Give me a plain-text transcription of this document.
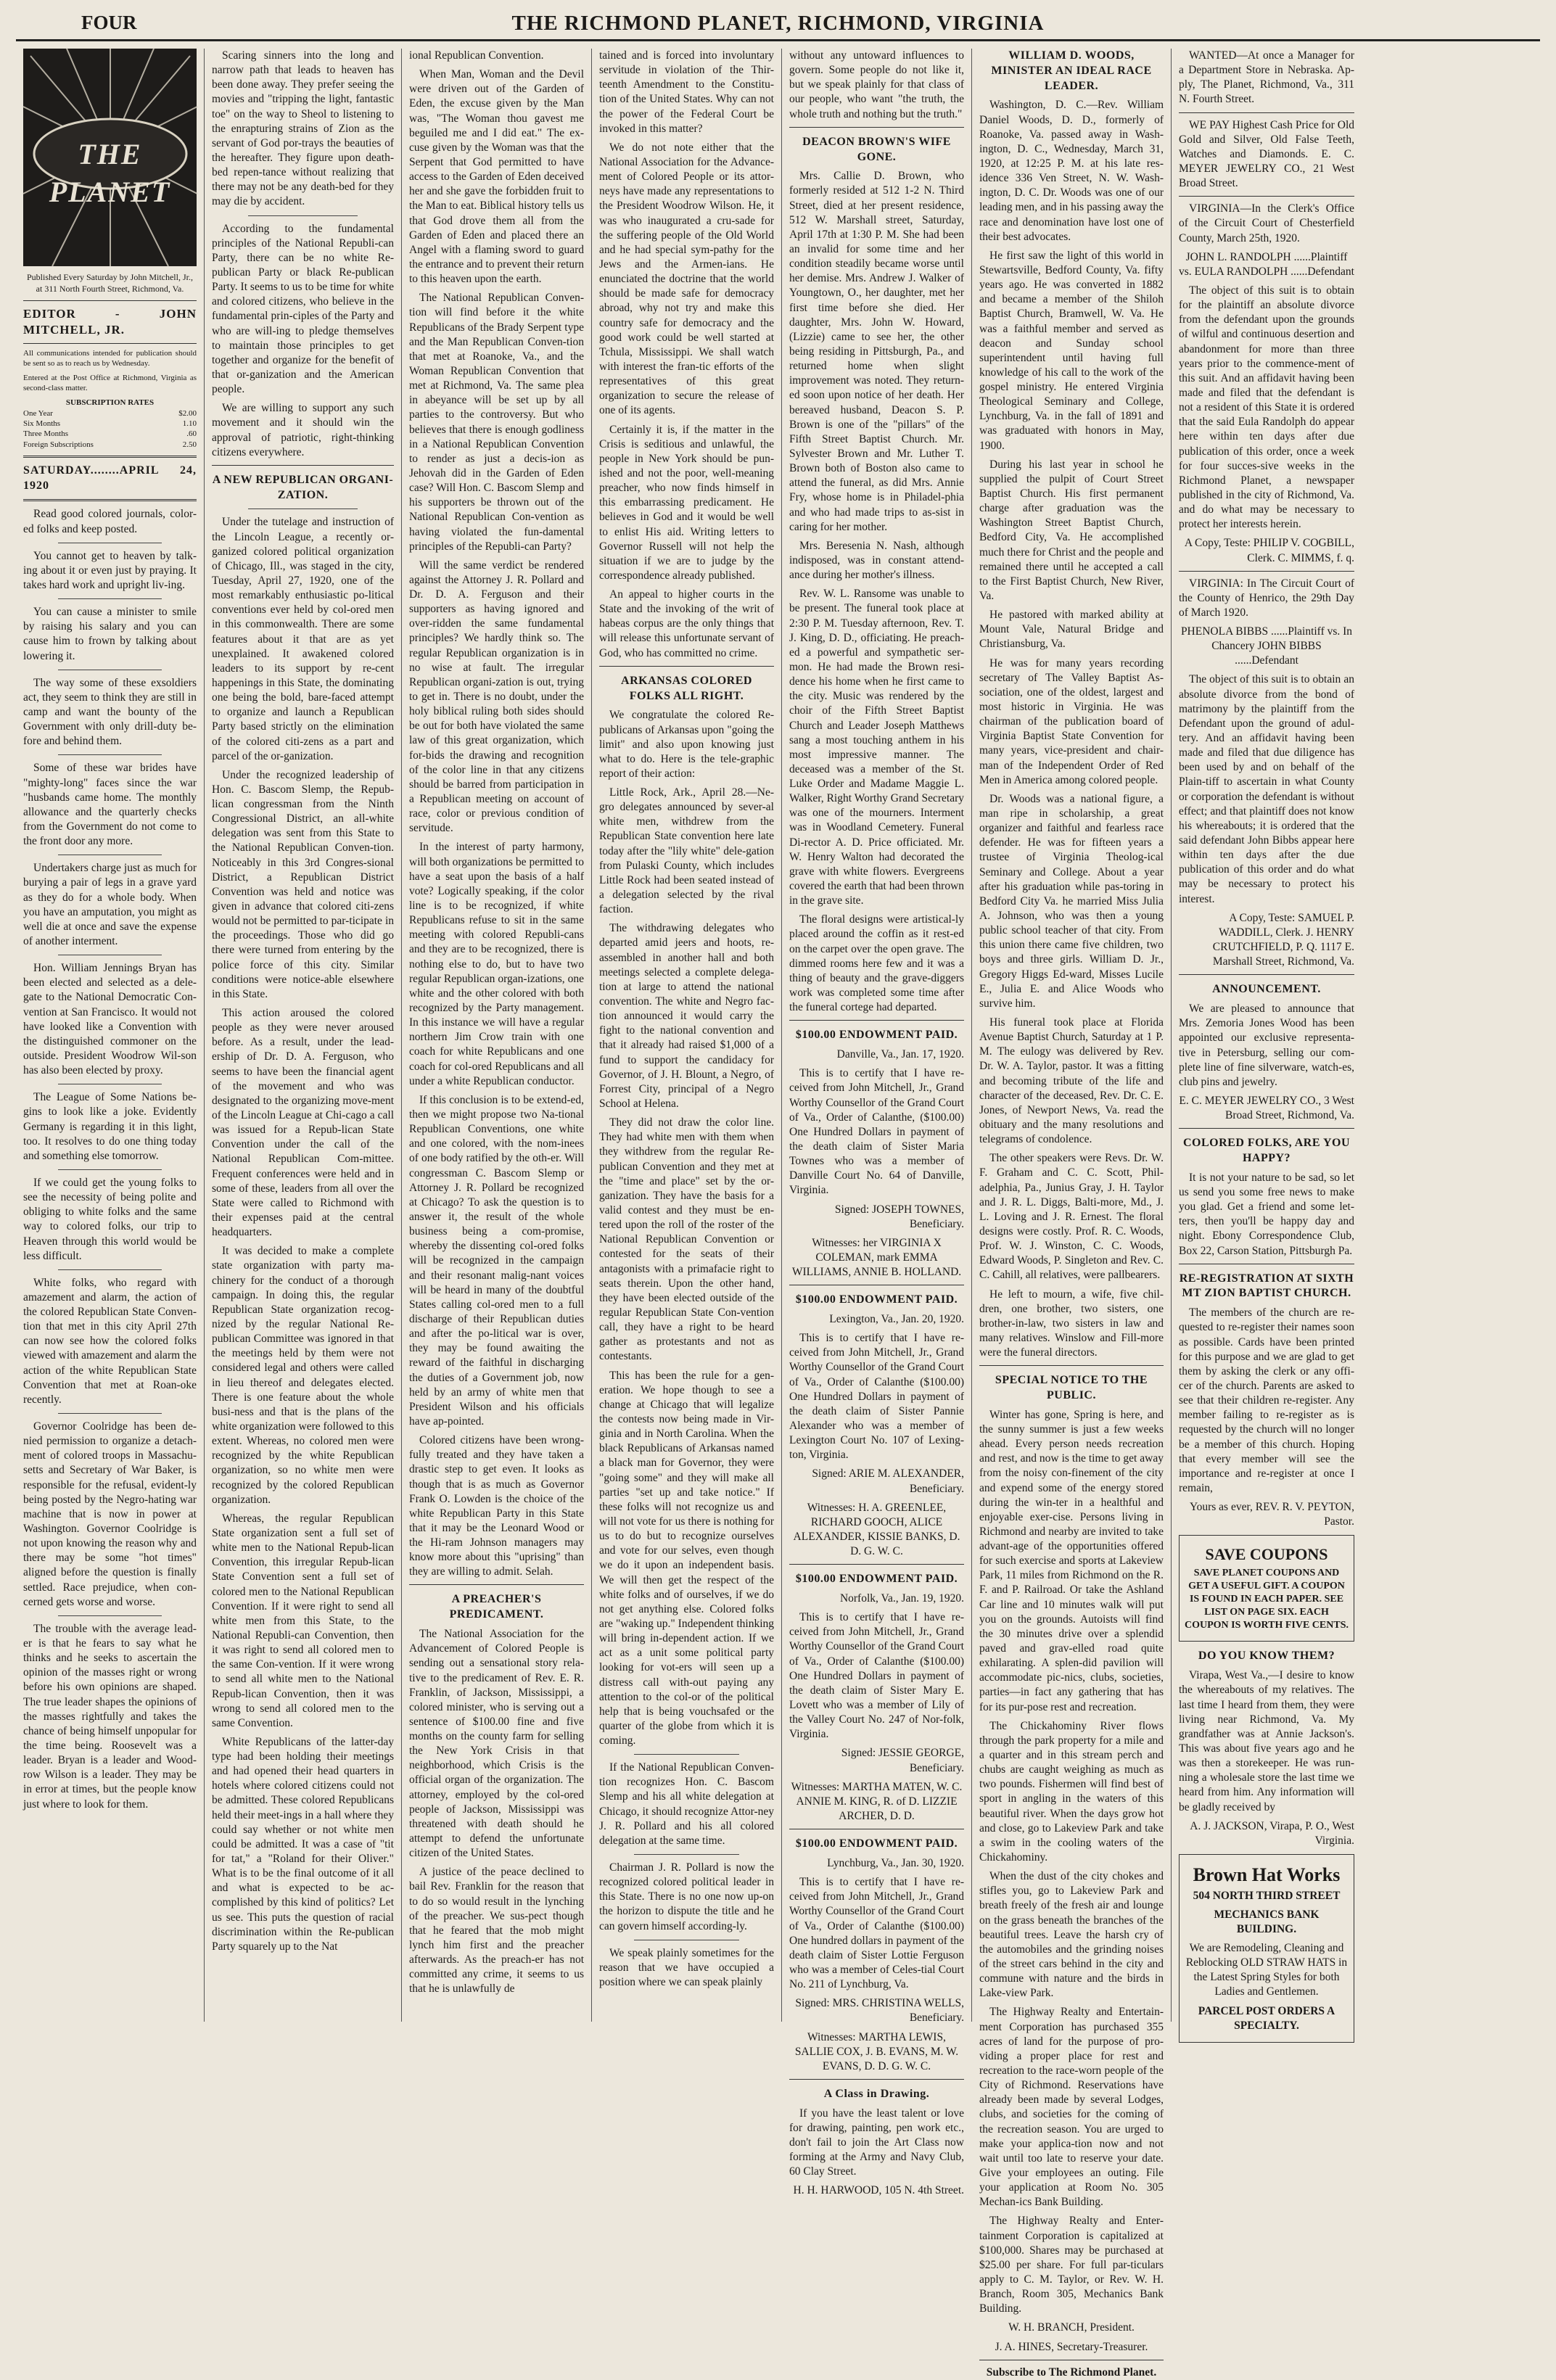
FOUR	THE RICHMOND PLANET, RICHMOND, VIRGINIA
THE PLANET
Published Every Saturday by John Mitchell, Jr., at 311 North Fourth Street, Richmond, Va.
EDITOR - JOHN MITCHELL, JR.

All communications intended for publication should be sent so as to reach us by Wednesday.

Entered at the Post Office at Richmond, Virginia as second-class matter.

SUBSCRIPTION RATES
One Year	$2.00
Six Months	1.10
Three Months	.60
Foreign Subscriptions	2.50
SATURDAY........APRIL 24, 1920

Read good colored journals, color-ed folks and keep posted.

You cannot get to heaven by talk-ing about it or even just by praying. It takes hard work and upright liv-ing.

You can cause a minister to smile by raising his salary and you can cause him to frown by talking about lowering it.

The way some of these exsoldiers act, they seem to think they are still in camp and want the bounty of the Government with only drill-duty be-fore and behind them.

Some of these war brides have "mighty-long" faces since the war "husbands came home. The monthly allowance and the quarterly checks from the Government do not come to the front door any more.

Undertakers charge just as much for burying a pair of legs in a grave yard as they do for a whole body. When you have an amputation, you might as well die at once and save the expense of another interment.

Hon. William Jennings Bryan has been elected and selected as a dele-gate to the National Democratic Con-vention at San Francisco. It would not have looked like a Convention with the distinguished commoner on the outside. President Woodrow Wil-son has also been elected by proxy.

The League of Some Nations be-gins to look like a joke. Evidently Germany is regarding it in this light, too. It resolves to do one thing today and something else tomorrow.

If we could get the young folks to see the necessity of being polite and obliging to white folks and the same way to colored folks, our trip to Heaven through this world would be less difficult.

White folks, who regard with amazement and alarm, the action of the colored Republican State Conven-tion that met in this city April 27th can now see how the colored folks viewed with amazement and alarm the action of the white Republican State Convention that met at Roan-oke recently.

Governor Coolridge has been de-nied permission to organize a detach-ment of colored troops in Massachu-setts and Secretary of War Baker, is responsible for the refusal, evident-ly being posted by the Negro-hating war machine that is now in power at Washington. Governor Coolridge is not upon knowing the reason why and there may be some "hot times" aligned before the question is finally settled. Race prejudice, when con-cerned gets worse and worse.

The trouble with the average lead-er is that he fears to say what he thinks and he seeks to ascertain the opinion of the masses right or wrong before his own opinions are shaped. The true leader shapes the opinions of the masses rightfully and takes the chance of being himself unpopular for the time being. Roosevelt was a leader. Bryan is a leader and Wood-row Wilson is a leader. They may be in error at times, but the people know just where to look for them.

Scaring sinners into the long and narrow path that leads to heaven has been done away. They prefer seeing the movies and "tripping the light, fantastic toe" on the way to Sheol to listening to the enrapturing strains of Zion as the servant of God por-trays the beauties of the hereafter. They figure upon death-bed repen-tance without realizing that there may not be any death-bed for they may die by accident.

According to the fundamental principles of the National Republi-can Party, there can be no white Re-publican Party or black Re-publican Party. It seems to us to be time for white and colored citizens, who believe in the fundamental prin-ciples of the Party and who are will-ing to pledge themselves to maintain those principles to get together and organize for the benefit of that or-ganization and the American people.

We are willing to support any such movement and it should win the approval of patriotic, right-thinking citizens everywhere.

A NEW REPUBLICAN ORGANI-ZATION.

Under the tutelage and instruction of the Lincoln League, a recently or-ganized colored political organization of Chicago, Ill., was staged in the city, Tuesday, April 27, 1920, one of the most remarkably enthusiastic po-litical conventions ever held by col-ored men in this commonwealth. There are some features about it that are as yet unexplained. It awakened colored leaders to its support by re-cent happenings in this State, the dominating one being the bold, bare-faced attempt to organize and launch a Republican Party based strictly on the elimination of the colored citi-zens as a part and parcel of the or-ganization.

Under the recognized leadership of Hon. C. Bascom Slemp, the Repub-lican congressman from the Ninth Congressional District, an all-white delegation was sent from this State to the National Republican Conven-tion. Noticeably in this 3rd Congres-sional District, a Republican District Convention was held and notice was given in advance that colored citi-zens would not be permitted to par-ticipate in the proceedings. Those who did go there were turned from entering by the police force of this city. Similar conditions were notice-able elsewhere in this State.

This action aroused the colored people as they were never aroused before. As a result, under the lead-ership of Dr. D. A. Ferguson, who seems to have been the financial agent of the movement and who was designated to the organizing move-ment of the Lincoln League at Chi-cago a call was issued for a Repub-lican State Convention under the call of the National Republican Com-mittee. Frequent conferences were held and in some of these, leaders from all over the State were called to Richmond with their expenses paid at the central headquarters.

It was decided to make a complete state organization with party ma-chinery for the conduct of a thorough campaign. In doing this, the regular Republican State organization recog-nized by the regular National Re-publican Committee was ignored in that the meetings held by them were not considered legal and others were called in lieu thereof and delegates elected. There is one feature about the whole busi-ness and that is the plans of the white organization were followed to this extent. Whereas, no colored men were recognized by the white Republican organization, so no white men were recognized by the colored Republican organization.

Whereas, the regular Republican State organization sent a full set of white men to the National Repub-lican Convention, this irregular Repub-lican State Convention sent a full set of colored men to the National Republican Convention. If it were right to send all white men from this State, to the National Republi-can Convention, then it was right to send all colored men to the same Con-vention. If it were wrong to send all white men to the National Repub-lican Convention, then it was wrong to send all colored men to the same Convention.

White Republicans of the latter-day type had been holding their meetings and had opened their head quarters in hotels where colored citizens could not be admitted. These colored Republicans held their meet-ings in a hall where they could say whether or not white men could be admitted. It was a case of "tit for tat," a "Roland for their Oliver." What is to be the final outcome of it all and what is expected to be ac-complished by this kind of politics? Let us see. This puts the question of racial discrimination within the Re-publican Party squarely up to the Nat

ional Republican Convention.

When Man, Woman and the Devil were driven out of the Garden of Eden, the excuse given by the Man was, "The Woman thou gavest me beguiled me and I did eat." The ex-cuse given by the Woman was that the Serpent that God permitted to have access to the Garden of Eden deceived her and she gave the forbidden fruit to the Man to eat. Biblical history tells us that God drove them all from the Garden of Eden and placed there an Angel with a flaming sword to guard the entrance and to prevent their return to this heaven upon the earth.

The National Republican Conven-tion will find before it the white Republicans of the Brady Serpent type and the Man Republican Conven-tion that met at Roanoke, Va., and the Woman Republican Convention that met at Richmond, Va. The same plea in abeyance will be set up by all parties to the controversy. But who believes that there is enough godliness in a National Republican Convention to render as just a decis-ion as Jehovah did in the Garden of Eden case? Will Hon. C. Bascom Slemp and his supporters be thrown out of the National Republican Con-vention as having violated the fun-damental principles of the Republi-can Party?

Will the same verdict be rendered against the Attorney J. R. Pollard and Dr. D. A. Ferguson and their supporters as having ignored and over-ridden the same fundamental principles? We hardly think so. The regular Republican organization is in no wise at fault. The irregular Republican organi-zation is out, trying to get in. There is no doubt, under the holy biblical ruling both sides should be out for both have violated the same law of this great organization, which for-bids the drawing and recognition of the color line in that any citizens should be barred from participation in a Republican meeting on account of race, color or previous condition of servitude.

In the interest of party harmony, will both organizations be permitted to have a seat upon the basis of a half vote? Logically speaking, if the color line is to be recognized, if white Republicans refuse to sit in the same meeting with colored Republi-cans and they are to be recognized, there is nothing else to do, but to have two regular Republican organ-izations, one white and the other colored with both recognized by the Party management. In this instance we will have a regular northern Jim Crow train with one coach for white Republicans and one coach for col-ored Republicans and all under a white Republican conductor.

If this conclusion is to be extend-ed, then we might propose two Na-tional Republican Conventions, one white and one colored, with the nom-inees of one body ratified by the oth-er. Will congressman C. Bascom Slemp or Attorney J. R. Pollard be recognized at Chicago? To ask the question is to answer it, the result of the whole business being a com-promise, whereby the dissenting col-ored folks will be recognized in the campaign and their resonant malig-nant voices will be heard in many of the doubtful States calling col-ored men to a full discharge of their Republican duties and after the po-litical war is over, they may be found awaiting the reward of the faithful in discharging the duties of a Government job, now held by an army of white men that President Wilson and his officials have ap-pointed.

Colored citizens have been wrong-fully treated and they have taken a drastic step to get even. It looks as though that is as much as Governor Frank O. Lowden is the choice of the white Republican Party in this State that it may be the Leonard Wood or the Hi-ram Johnson managers may know more about this "uprising" than they are willing to admit. Selah.

A PREACHER'S PREDICAMENT.

The National Association for the Advancement of Colored People is sending out a sensational story rela-tive to the predicament of Rev. E. R. Franklin, of Jackson, Mississippi, a colored minister, who is serving out a sentence of $100.00 fine and five months on the county farm for selling the New York Crisis in that neighborhood, which Crisis is the official organ of the organization. The attorney, employed by the col-ored people of Jackson, Mississippi was threatened with death should he attempt to defend the unfortunate citizen of the United States.

A justice of the peace declined to bail Rev. Franklin for the reason that to do so would result in the lynching of the preacher. We sus-pect though that he feared that the mob might lynch him first and the preacher afterwards. As the preach-er has not committed any crime, it seems to us that he is unlawfully de

tained and is forced into involuntary servitude in violation of the Thir-teenth Amendment to the Constitu-tion of the United States. Why can not the power of the Federal Court be invoked in this matter?

We do not note either that the National Association for the Advance-ment of Colored People or its attor-neys have made any representations to the President Woodrow Wilson. He, it was who inaugurated a cru-sade for the suffering people of the Old World and he had special sym-pathy for the Jews and the Armen-ians. He enunciated the doctrine that the world should be made safe for democracy abroad, why not try and make this country safe for democracy and the good work could be well started at Tchula, Mississippi. We shall watch with interest the fran-tic efforts of the representatives of this great organization to secure the release of one of its agents.

Certainly it is, if the matter in the Crisis is seditious and unlawful, the people in New York should be pun-ished and not the poor, well-meaning preacher, who now finds himself in this embarrassing predicament. He believes in God and it would be well to enlist His aid. Writing letters to Governor Russell will not help the situation if we are to judge by the correspondence already published.

An appeal to higher courts in the State and the invoking of the writ of habeas corpus are the only things that will release this unfortunate servant of God, who has committed no crime.

ARKANSAS COLORED FOLKS ALL RIGHT.

We congratulate the colored Re-publicans of Arkansas upon "going the limit" and also upon knowing just what to do. Here is the tele-graphic report of their action:

Little Rock, Ark., April 28.—Ne-gro delegates announced by sever-al white men, withdrew from the Republican State convention here late today after the "lily white" dele-gation from Pulaski County, which includes Little Rock had been seated instead of a delegation selected by the rival faction.

The withdrawing delegates who departed amid jeers and hoots, re-assembled in another hall and both meetings selected a complete delega-tion at large to attend the national convention. The white and Negro fac-tion announced it would carry the fight to the national convention and that it already had raised $1,000 of a fund to support the candidacy for Governor, of J. H. Blount, a Negro, of Forrest City, principal of a Negro School at Helena.

They did not draw the color line. They had white men with them when they withdrew from the regular Re-publican Convention and they met at the "time and place" set by the or-ganization. They have the basis for a valid contest and they must be en-tered upon the roll of the roster of the National Republican Convention or contested for the seats of their antagonists with a primafacie right to seats therein. Upon the other hand, they have been elected outside of the regular Republican State Con-vention call, they have a right to be heard gather as protestants and not as contestants.

This has been the rule for a gen-eration. We hope though to see a change at Chicago that will legalize the contests now being made in Vir-ginia and in North Carolina. When the black Republicans of Arkansas named a black man for Governor, they were "going some" and they will make all parties "set up and take notice." If these folks will not recognize us and will not vote for us there is nothing for us to do but to recognize ourselves and vote for our selves, even though we do it upon an independent basis. We will then get the respect of the white folks and of ourselves, if we do not get anything else. Colored folks are "waking up." Independent thinking will bring in-dependent action. If we act as a unit some political party looking for vot-ers will seen up a distress call with-out paying any attention to the col-or of the political help that is being vouchsafed or the quarter of the globe from which it is coming.

If the National Republican Conven-tion recognizes Hon. C. Bascom Slemp and his all white delegation at Chicago, it should recognize Attor-ney J. R. Pollard and his all colored delegation at the same time.

Chairman J. R. Pollard is now the recognized colored political leader in this State. There is no one now up-on the horizon to dispute the title and he can govern himself according-ly.

We speak plainly sometimes for the reason that we have occupied a position where we can speak plainly

without any untoward influences to govern. Some people do not like it, but we speak plainly for that class of our people, who want "the truth, the whole truth and nothing but the truth."

DEACON BROWN'S WIFE GONE.

Mrs. Callie D. Brown, who formerly resided at 512 1-2 N. Third Street, died at her present residence, 512 W. Marshall street, Saturday, April 17th at 1:30 P. M. She had been an invalid for some time and her condition steadily became worse until her demise. Mrs. Andrew J. Walker of Youngtown, O., her daughter, met her first time before she died. Her daughter, Mrs. John W. Howard, (Lizzie) came to see her, the other being residing in Pittsburgh, Pa., and returned home when slight improvement was noted. They return-ed soon upon notice of her death. Her bereaved husband, Deacon S. P. Brown is one of the "pillars" of the Fifth Street Baptist Church. Mr. Sylvester Brown and Mr. Luther T. Brown both of Boston also came to attend the funeral, as did Mrs. Annie Fry, whose home is in Philadel-phia and who had made trips to as-sist in caring for her mother.

Mrs. Beresenia N. Nash, although indisposed, was in constant attend-ance during her mother's illness.

Rev. W. L. Ransome was unable to be present. The funeral took place at 2:30 P. M. Tuesday afternoon, Rev. T. J. King, D. D., officiating. He preach-ed a powerful and sympathetic ser-mon. He had made the Brown resi-dence his home when he first came to the city. Music was rendered by the choir of the Fifth Street Baptist Church and Leader Joseph Matthews sang a most touching anthem in his most impressive manner. The deceased was a member of the St. Luke Order and Madame Maggie L. Walker, Right Worthy Grand Secretary was one of the mourners. Interment was in Woodland Cemetery. Funeral Di-rector A. D. Price officiated. Mr. W. Henry Walton had decorated the grave with white flowers. Evergreens covered the earth that had been thrown in the grave site.

The floral designs were artistical-ly placed around the coffin as it rest-ed on the carpet over the open grave. The dimmed rooms here few and it was a thing of beauty and the grave-diggers work was completed some time after the funeral cortege had departed.

$100.00 ENDOWMENT PAID.

Danville, Va., Jan. 17, 1920.

This is to certify that I have re-ceived from John Mitchell, Jr., Grand Worthy Counsellor of the Grand Court of Va., Order of Calanthe, ($100.00) One Hundred Dollars in payment of the death claim of Sister Maria Townes who was a member of Danville Court No. 64 of Danville, Virginia.

Signed: JOSEPH TOWNES, Beneficiary.

Witnesses: her VIRGINIA X COLEMAN, mark EMMA WILLIAMS, ANNIE B. HOLLAND.

$100.00 ENDOWMENT PAID.

Lexington, Va., Jan. 20, 1920.

This is to certify that I have re-ceived from John Mitchell, Jr., Grand Worthy Counsellor of the Grand Court of Va., Order of Calanthe ($100.00) One Hundred Dollars in payment of the death claim of Sister Pannie Alexander who was a member of Lexington Court No. 107 of Lexing-ton, Virginia.

Signed: ARIE M. ALEXANDER, Beneficiary.

Witnesses: H. A. GREENLEE, RICHARD GOOCH, ALICE ALEXANDER, KISSIE BANKS, D. D. G. W. C.

$100.00 ENDOWMENT PAID.

Norfolk, Va., Jan. 19, 1920.

This is to certify that I have re-ceived from John Mitchell, Jr., Grand Worthy Counsellor of the Grand Court of Va., Order of Calanthe ($100.00) One Hundred Dollars in payment of the death claim of Sister Mary E. Lovett who was a member of Lily of the Valley Court No. 247 of Nor-folk, Virginia.

Signed: JESSIE GEORGE, Beneficiary.

Witnesses: MARTHA MATEN, W. C. ANNIE M. KING, R. of D. LIZZIE ARCHER, D. D.

$100.00 ENDOWMENT PAID.

Lynchburg, Va., Jan. 30, 1920.

This is to certify that I have re-ceived from John Mitchell, Jr., Grand Worthy Counsellor of the Grand Court of Va., Order of Calanthe ($100.00) One hundred dollars in payment of the death claim of Sister Lottie Ferguson who was a member of Celes-tial Court No. 211 of Lynchburg, Va.

Signed: MRS. CHRISTINA WELLS, Beneficiary.

Witnesses: MARTHA LEWIS, SALLIE COX, J. B. EVANS, M. W. EVANS, D. D. G. W. C.

A Class in Drawing.

If you have the least talent or love for drawing, painting, pen work etc., don't fail to join the Art Class now forming at the Army and Navy Club, 60 Clay Street.

H. H. HARWOOD, 105 N. 4th Street.

WILLIAM D. WOODS, MINISTER AN IDEAL RACE LEADER.

Washington, D. C.—Rev. William Daniel Woods, D. D., formerly of Roanoke, Va. passed away in Wash-ington, D. C., Wednesday, March 31, 1920, at 12:25 P. M. at his late res-idence 336 Ven Street, N. W. Wash-ington, D. C. Dr. Woods was one of our leading men, and in his passing away the race and denomination have lost one of their best advocates.

He first saw the light of this world in Stewartsville, Bedford County, Va. fifty years ago. He was converted in 1882 and became a member of the Shiloh Baptist Church, Bramwell, W. Va. He was a faithful member and served as deacon and Sunday school superintendent until having full knowledge of his call to the work of the gospel ministry. He entered Virginia Theological Seminary and College, Lynchburg, Va. in the fall of 1891 and was graduated with honors in May, 1900.

During his last year in school he supplied the pulpit of Court Street Baptist Church. His first permanent charge after graduation was the Washington Street Baptist Church, Bedford City, Va. He accomplished much there for Christ and the people and remained there until he accepted a call to the First Baptist Church, New River, Va.

He pastored with marked ability at Mount Vale, Natural Bridge and Christiansburg, Va.

He was for many years recording secretary of The Valley Baptist As-sociation, one of the oldest, largest and most historic in Virginia. He was chairman of the publication board of Virginia Baptist State Convention for many years, vice-president and chair-man of the Independent Order of Red Men in America among colored people.

Dr. Woods was a national figure, a man ripe in scholarship, a great organizer and faithful and fearless race defender. He was for fifteen years a trustee of Virginia Theolog-ical Seminary and College. About a year after his graduation while pas-toring in Bedford City Va. he married Miss Julia A. Johnson, who was then a young public school teacher of that city. From this union there came five children, two boys and three girls. William D. Jr., Gregory Higgs Ed-ward, Misses Lucile E., Julia E. and Alice Woods who survive him.

His funeral took place at Florida Avenue Baptist Church, Saturday at 1 P. M. The eulogy was delivered by Rev. Dr. W. A. Taylor, pastor. It was a fitting and becoming tribute of the life and character of the deceased, Rev. Dr. C. E. Jones, of Newport News, Va. read the obituary and the many resolutions and telegrams of condolence.

The other speakers were Revs. Dr. W. F. Graham and C. C. Scott, Phil-adelphia, Pa., Junius Gray, J. H. Taylor and J. R. L. Diggs, Balti-more, Md., J. L. Loving and J. R. Ernest. The floral designs were costly. Prof. R. C. Woods, Prof. W. J. Winston, C. C. Woods, Edward Woods, P. Singleton and Rev. C. C. Cahill, all relatives, were pallbearers.

He left to mourn, a wife, five chil-dren, one brother, two sisters, one brother-in-law, two sisters in law and many relatives. Winslow and Fill-more were the funeral directors.

SPECIAL NOTICE TO THE PUBLIC.

Winter has gone, Spring is here, and the sunny summer is just a few weeks ahead. Every person needs recreation and rest, and now is the time to get away from the noisy con-finement of the city and expend some of the energy stored during the win-ter in a healthful and enjoyable exer-cise. Persons living in Richmond and nearby are invited to take advant-age of the opportunities offered for such exercise and sports at Lakeview Park, 11 miles from Richmond on the R. F. and P. Railroad. Or take the Ashland Car line and 10 minutes walk will put you on the grounds. Autoists will find the 30 minutes drive over a splendid paved and grav-elled road quite exhilarating. A splen-did pavilion will accommodate pic-nics, clubs, societies, parties—in fact any gathering that has for its pur-pose rest and recreation.

The Chickahominy River flows through the park property for a mile and a quarter and in this stream perch and chubs are caught weighing as much as two pounds. Fishermen will find best of sport in angling in the waters of this beautiful river. When the days grow hot and close, go to Lakeview Park and take a swim in the cooling waters of the Chickahominy.

When the dust of the city chokes and stifles you, go to Lakeview Park and breath freely of the fresh air and lounge on the grass beneath the branches of the beautiful trees. Leave the harsh cry of the automobiles and the grinding noises of the street cars behind in the city and commune with nature and the birds in Lake-view Park.

The Highway Realty and Entertain-ment Corporation has purchased 355 acres of land for the purpose of pro-viding a proper place for rest and recreation to the race-worn people of the City of Richmond. Reservations have already been made by several Lodges, clubs, and societies for the coming of the recreation season. You are urged to make your applica-tion now and not wait until too late to reserve your date. Give your employees an outing. File your application at Room No. 305 Mechan-ics Bank Building.

The Highway Realty and Enter-tainment Corporation is capitalized at $100,000. Shares may be purchased at $25.00 per share. For full par-ticulars apply to C. M. Taylor, or Rev. W. H. Branch, Room 305, Mechanics Bank Building.

W. H. BRANCH, President.

J. A. HINES, Secretary-Treasurer.

Subscribe to The Richmond Planet.

WANTED—At once a Manager for a Department Store in Nebraska. Ap-ply, The Planet, Richmond, Va., 311 N. Fourth Street.

WE PAY Highest Cash Price for Old Gold and Silver, Old False Teeth, Watches and Diamonds. E. C. MEYER JEWELRY CO., 21 West Broad Street.

VIRGINIA—In the Clerk's Office of the Circuit Court of Chesterfield County, March 25th, 1920.

JOHN L. RANDOLPH ......Plaintiff vs. EULA RANDOLPH ......Defendant

The object of this suit is to obtain for the plaintiff an absolute divorce from the defendant upon the grounds of wilful and continuous desertion and abandonment for more than three years prior to the commence-ment of this suit. And an affidavit having been made and filed that the defendant is not a resident of this State it is ordered that the said Eula Randolph do appear here within ten days after due publication of this order, once a week for four succes-sive weeks in the Richmond Planet, a newspaper published in the city of Richmond, Va. and do what may be necessary to protect her interests herein.

A Copy, Teste: PHILIP V. COGBILL, Clerk. C. MIMMS, f. q.

VIRGINIA: In The Circuit Court of the County of Henrico, the 29th Day of March 1920.

PHENOLA BIBBS ......Plaintiff vs. In Chancery JOHN BIBBS ......Defendant

The object of this suit is to obtain an absolute divorce from the bond of matrimony by the plaintiff from the Defendant upon the ground of adul-tery. And an affidavit having been made and filed that due diligence has been used by and on behalf of the Plain-tiff to ascertain in what County or corporation the defendant is without effect; and that plaintiff does not know his whereabouts; it is ordered that the said defendant John Bibbs appear here within ten days after the due publication of this order and do what may be necessary to protect his interest.

A Copy, Teste: SAMUEL P. WADDILL, Clerk. J. HENRY CRUTCHFIELD, P. Q. 1117 E. Marshall Street, Richmond, Va.

ANNOUNCEMENT.

We are pleased to announce that Mrs. Zemoria Jones Wood has been appointed our exclusive representa-tive in Petersburg, selling our com-plete line of fine silverware, watch-es, club pins and jewelry.

E. C. MEYER JEWELRY CO., 3 West Broad Street, Richmond, Va.

COLORED FOLKS, ARE YOU HAPPY?

It is not your nature to be sad, so let us send you some free news to make you glad. Get a friend and some let-ters, then you'll be happy day and night. Ebony Correspondence Club, Box 22, Carson Station, Pittsburgh Pa.

RE-REGISTRATION AT SIXTH MT ZION BAPTIST CHURCH.

The members of the church are re-quested to re-register their names soon as possible. Cards have been printed for this purpose and we are glad to get them by asking the clerk or any offi-cer of the church. Parents are asked to see that their children re-register. Any member failing to re-register as is requested by the church will no longer be a member of this church. Hoping that every member will see the importance and re-register at once I remain,

Yours as ever, REV. R. V. PEYTON, Pastor.

SAVE COUPONS

SAVE PLANET COUPONS AND GET A USEFUL GIFT. A COUPON IS FOUND IN EACH PAPER. SEE LIST ON PAGE SIX. EACH COUPON IS WORTH FIVE CENTS.

DO YOU KNOW THEM?

Virapa, West Va.,—I desire to know the whereabouts of my relatives. The last time I heard from them, they were living near Richmond, Va. My grandfather was at Annie Jackson's. This was about five years ago and he was then a storekeeper. He was run-ning a wholesale store the last time we heard from him. Any information will be gladly received by

A. J. JACKSON, Virapa, P. O., West Virginia.

Brown Hat Works

504 NORTH THIRD STREET

MECHANICS BANK BUILDING.

We are Remodeling, Cleaning and Reblocking OLD STRAW HATS in the Latest Spring Styles for both Ladies and Gentlemen.

PARCEL POST ORDERS A SPECIALTY.
